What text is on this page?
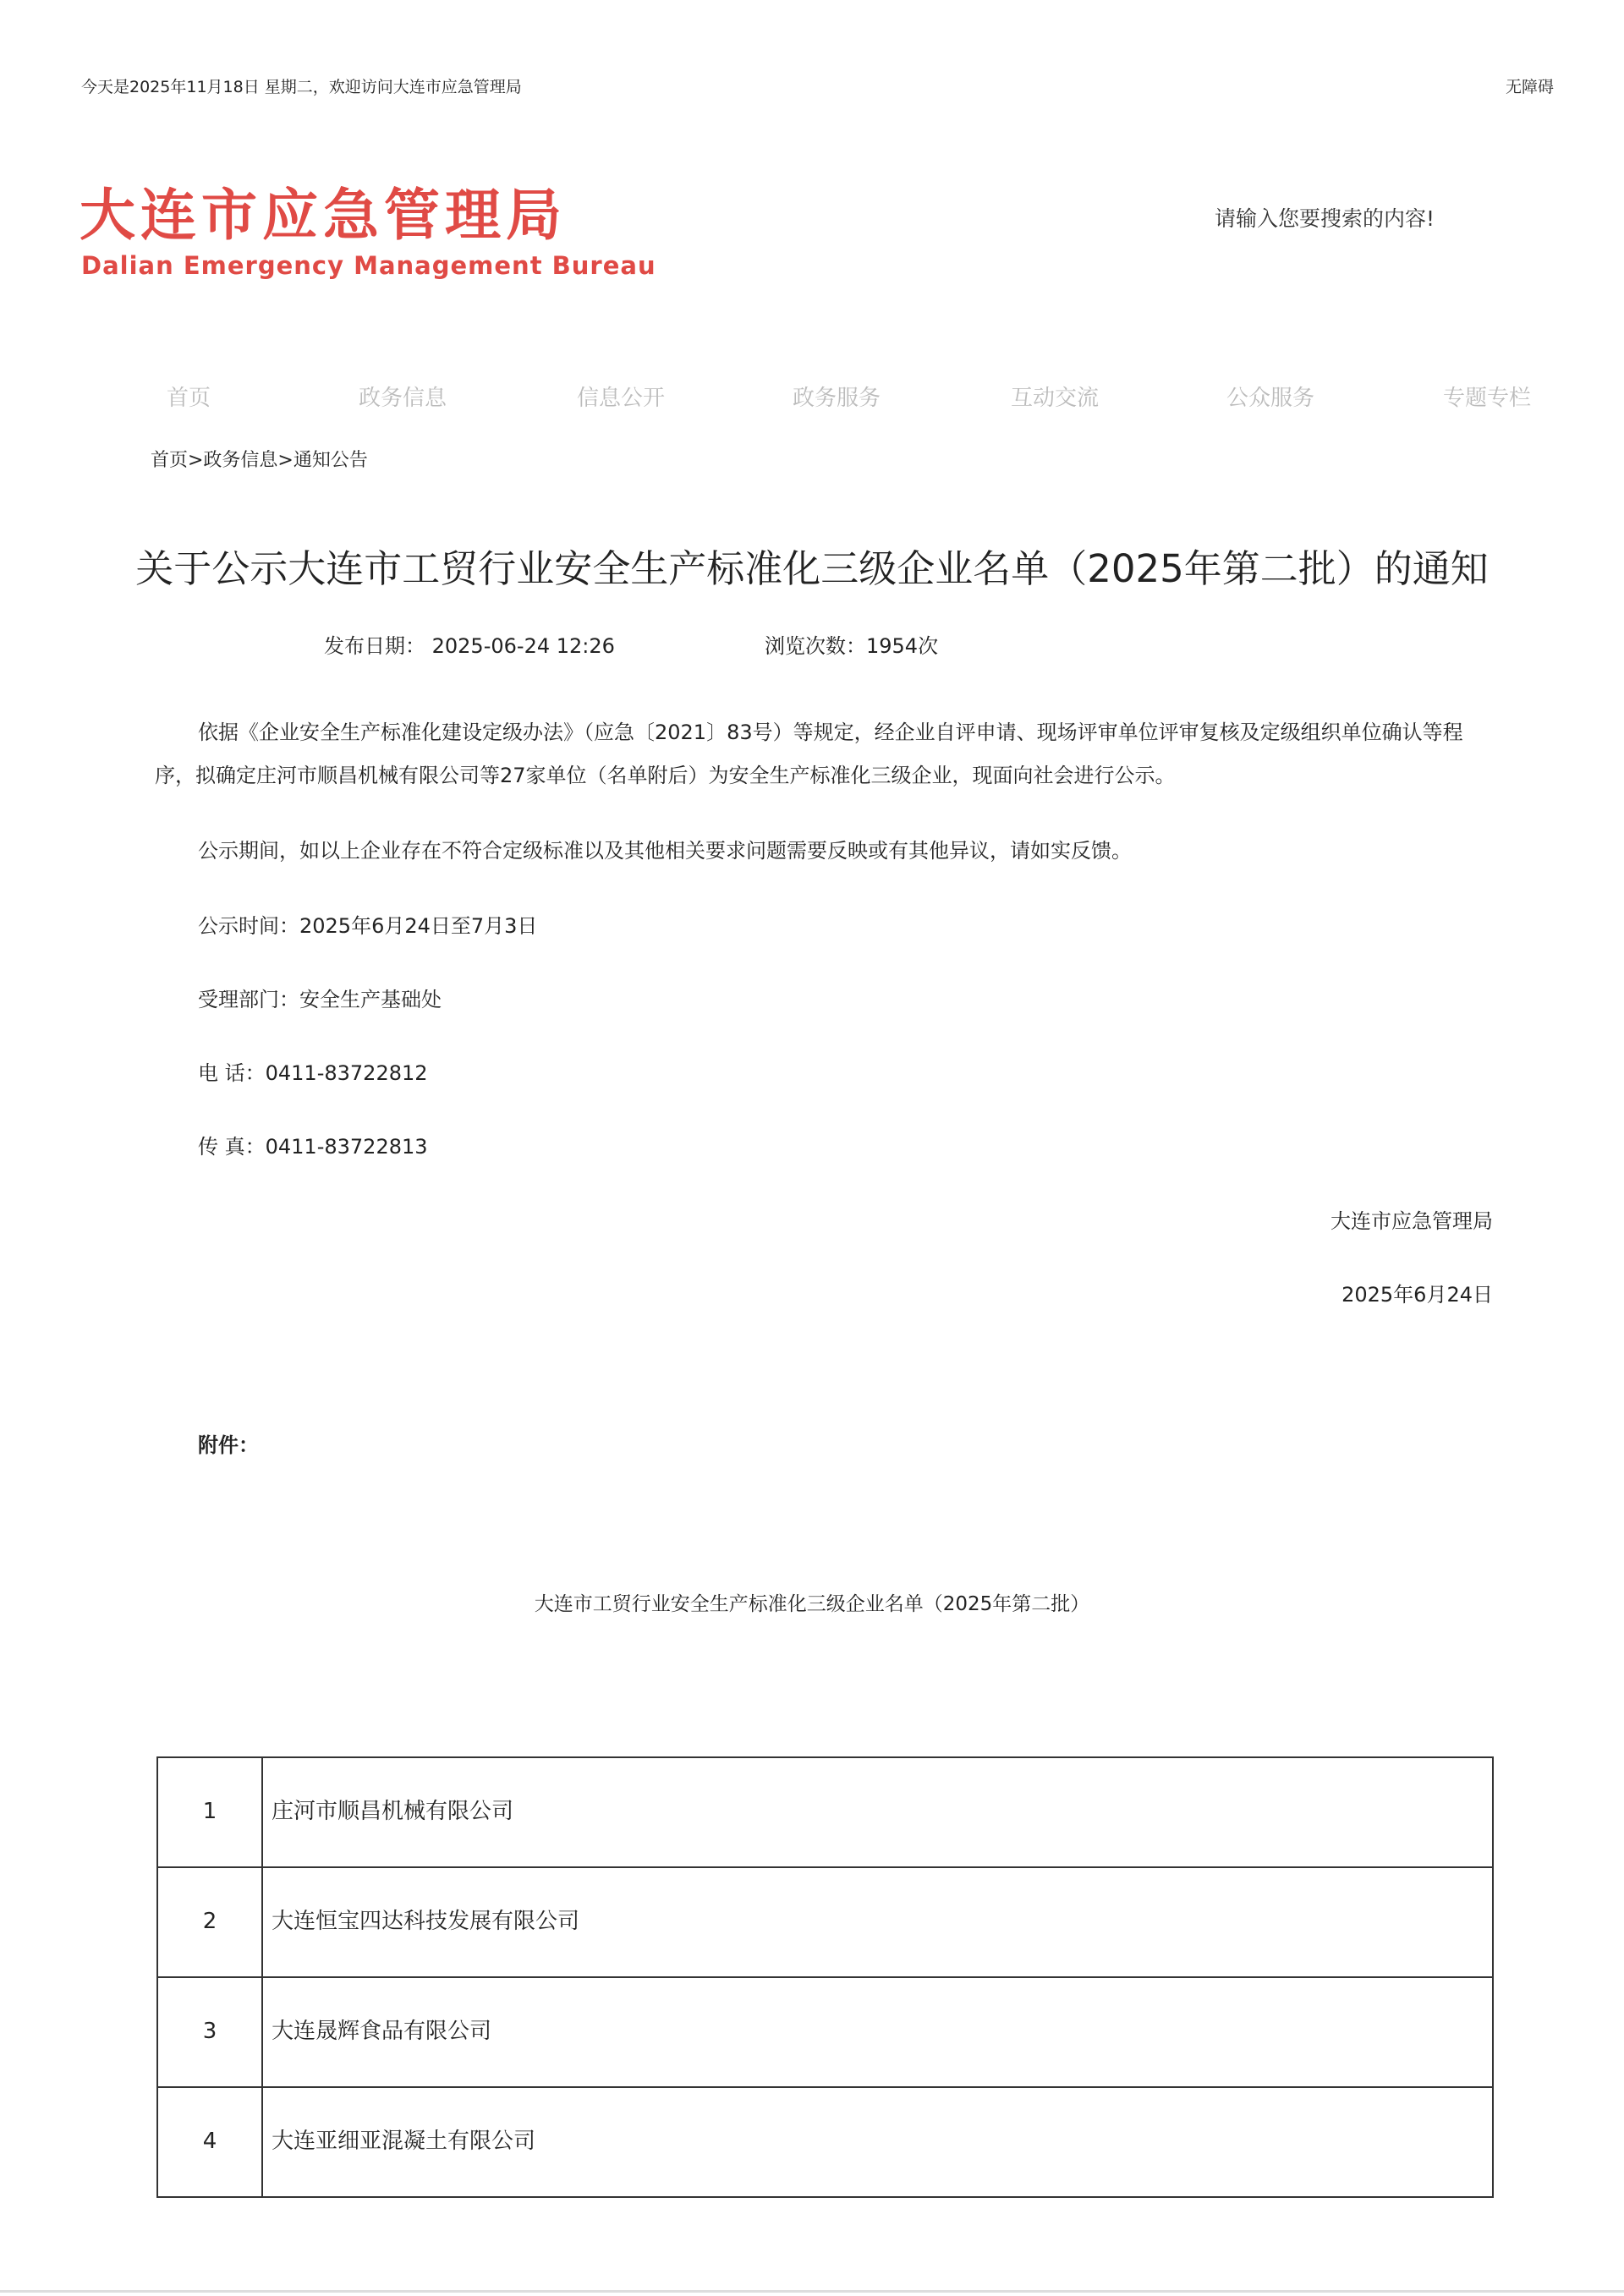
今天是2025年11月18日 星期二，欢迎访问大连市应急管理局	无障碍
大连市应急管理局
Dalian Emergency Management Bureau
请输入您要搜索的内容!
首页	政务信息	信息公开	政务服务	互动交流	公众服务	专题专栏
首页>政务信息>通知公告
关于公示大连市工贸行业安全生产标准化三级企业名单（2025年第二批）的通知
发布日期： 2025-06-24 12:26	浏览次数：1954次
依据《企业安全生产标准化建设定级办法》（应急〔2021〕83号）等规定，经企业自评申请、现场评审单位评审复核及定级组织单位确认等程
序，拟确定庄河市顺昌机械有限公司等27家单位（名单附后）为安全生产标准化三级企业，现面向社会进行公示。
公示期间，如以上企业存在不符合定级标准以及其他相关要求问题需要反映或有其他异议，请如实反馈。
公示时间：2025年6月24日至7月3日
受理部门：安全生产基础处
电 话：0411-83722812
传 真：0411-83722813
大连市应急管理局
2025年6月24日
附件：
大连市工贸行业安全生产标准化三级企业名单（2025年第二批）
1	庄河市顺昌机械有限公司
2	大连恒宝四达科技发展有限公司
3	大连晟辉食品有限公司
4	大连亚细亚混凝土有限公司
